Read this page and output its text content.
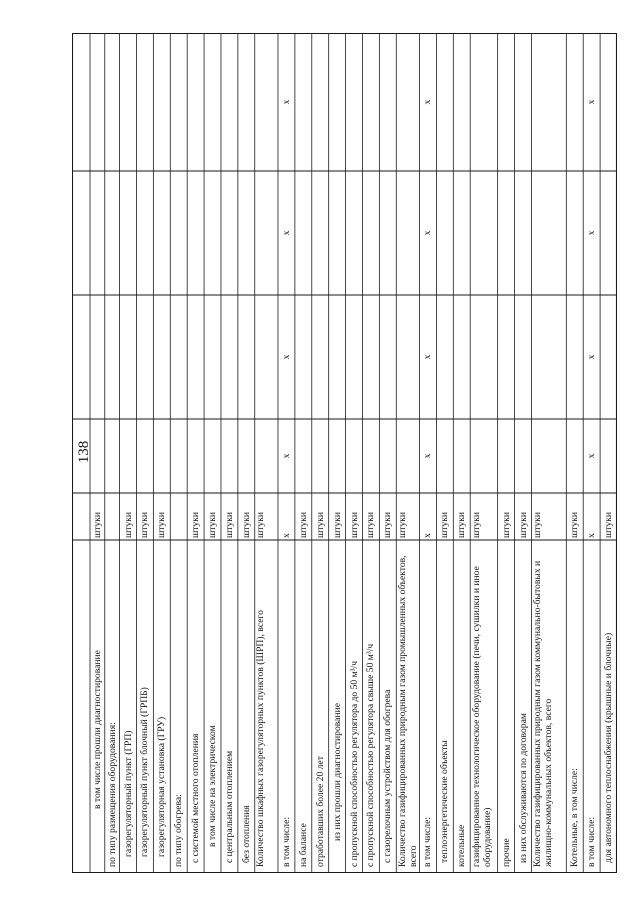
138
в том числе прошли диагностирование
штуки
по типу размещения оборудования: газорегуляторный пункт (ГРП)
штуки
газорегуляторный пункт блочный (ГРПБ)
штуки
газорегуляторная установка (ГРУ)
штуки
по типу обогрева: с системой местного отопления
штуки
в том числе на электрическом
штуки
с центральным отоплением
штуки
без отопления
штуки
Количество шкафных газорегуляторных пунктов (ШРП), всего
штуки
в том числе:
x
x
x
x
x
на балансе
штуки
отработавших более 20 лет
штуки
из них прошли диагностирование
штуки
с пропускной способностью регулятора до 50 м³/ч
штуки
с пропускной способностью регулятора свыше 50 м³/ч
штуки
с газорелочным устройством для обогрева
штуки
Количество газифицированных природным газом промышленных объектов, всего
штуки
в том числе:
x
x
x
x
x
теплоэнергетические объекты
штуки
котельные
штуки
газифицированное технологическое оборудование (печи, сушилки и иное оборудование)
штуки
прочие
штуки
из них обслуживаются по договорам
штуки
Количество газифицированных природным газом коммунально-бытовых и жилищно-коммунальных объектов, всего
штуки
Котельные, в том числе:
штуки
в том числе:
x
x
x
x
x
для автономного теплоснабжения (крышные и блочные)
штуки
